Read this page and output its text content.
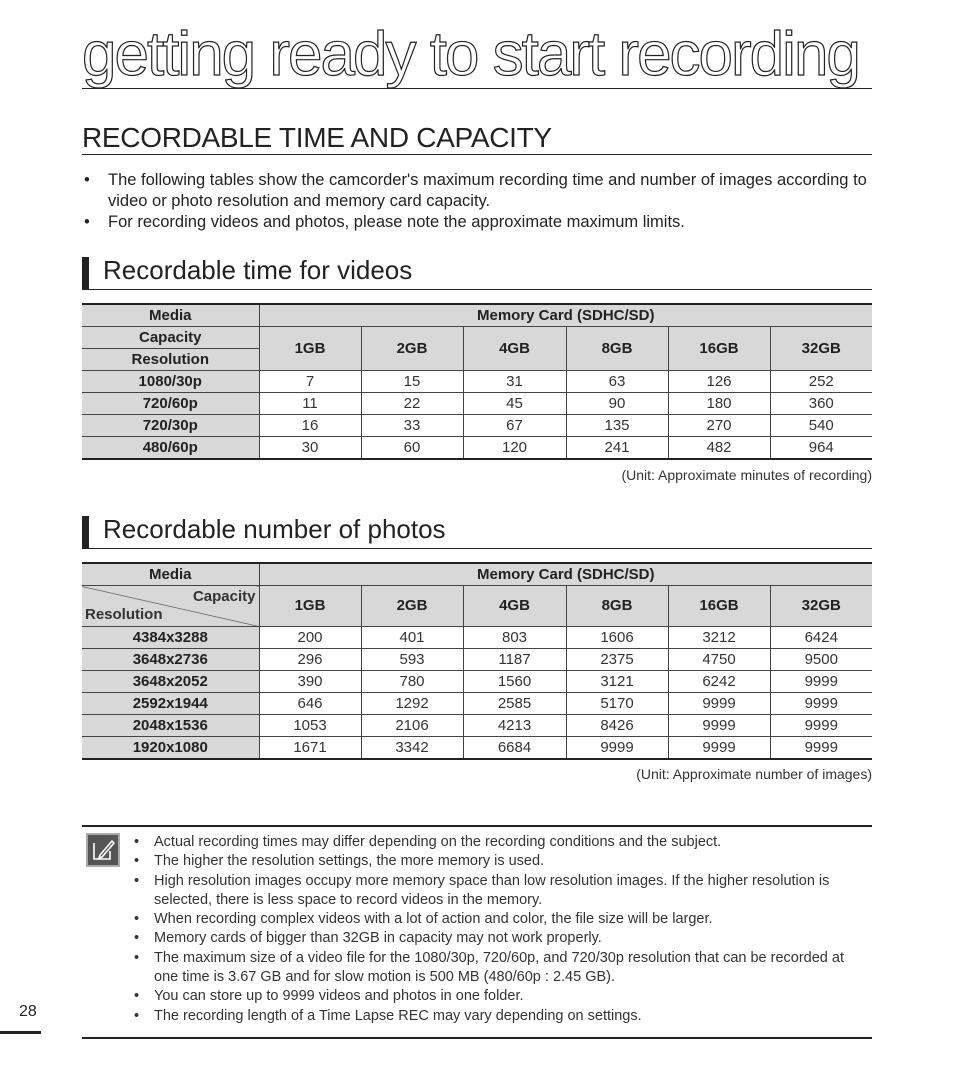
getting ready to start recording
RECORDABLE TIME AND CAPACITY
• The following tables show the camcorder's maximum recording time and number of images according to video or photo resolution and memory card capacity.
• For recording videos and photos, please note the approximate maximum limits.
Recordable time for videos
Media	Memory Card (SDHC/SD)					
Capacity	1GB	2GB	4GB	8GB	16GB	32GB
Resolution						
1080/30p	7	15	31	63	126	252
720/60p	11	22	45	90	180	360
720/30p	16	33	67	135	270	540
480/60p	30	60	120	241	482	964
(Unit: Approximate minutes of recording)
Recordable number of photos
Media	Memory Card (SDHC/SD)					

Capacity
Resolution	1GB	2GB	4GB	8GB	16GB	32GB
4384x3288	200	401	803	1606	3212	6424
3648x2736	296	593	1187	2375	4750	9500
3648x2052	390	780	1560	3121	6242	9999
2592x1944	646	1292	2585	5170	9999	9999
2048x1536	1053	2106	4213	8426	9999	9999
1920x1080	1671	3342	6684	9999	9999	9999
(Unit: Approximate number of images)
• Actual recording times may differ depending on the recording conditions and the subject.
• The higher the resolution settings, the more memory is used.
• High resolution images occupy more memory space than low resolution images. If the higher resolution is selected, there is less space to record videos in the memory.
• When recording complex videos with a lot of action and color, the file size will be larger.
• Memory cards of bigger than 32GB in capacity may not work properly.
• The maximum size of a video file for the 1080/30p, 720/60p, and 720/30p resolution that can be recorded at one time is 3.67 GB and for slow motion is 500 MB (480/60p : 2.45 GB).
• You can store up to 9999 videos and photos in one folder.
• The recording length of a Time Lapse REC may vary depending on settings.
28
